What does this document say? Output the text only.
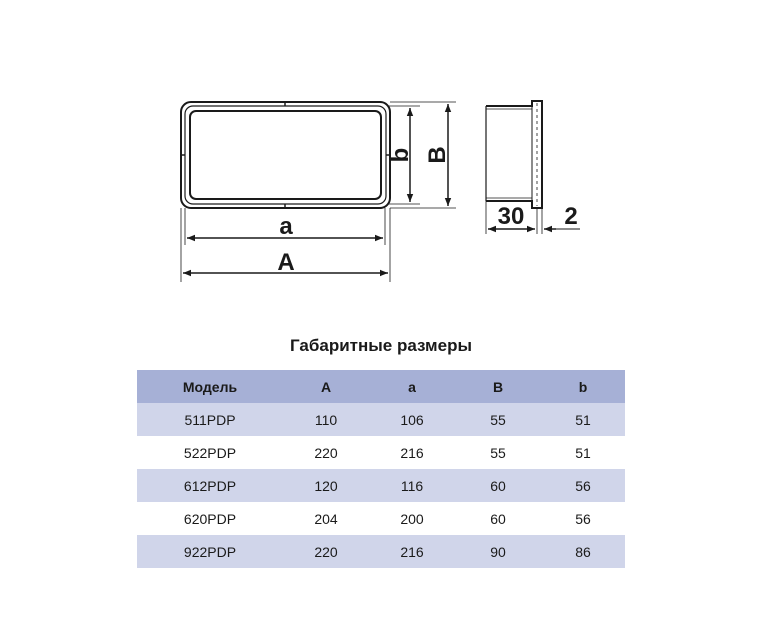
a
A
b B
30 2
Габаритные размеры
Модель	A	a	B	b
511PDP	110	106	55	51
522PDP	220	216	55	51
612PDP	120	116	60	56
620PDP	204	200	60	56
922PDP	220	216	90	86
